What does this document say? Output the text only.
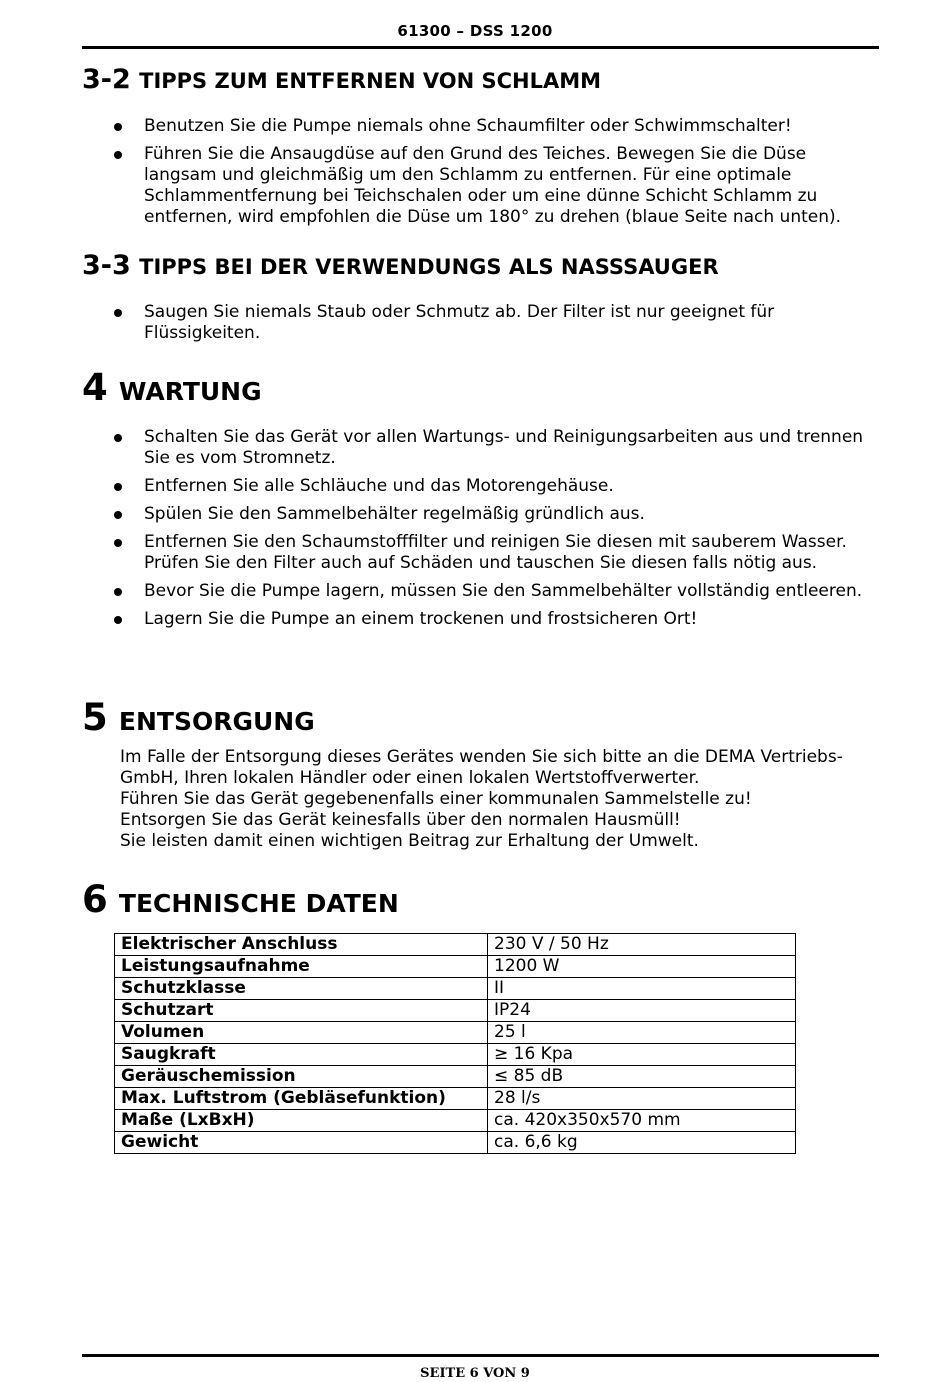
61300 – DSS 1200
3-2 TIPPS ZUM ENTFERNEN VON SCHLAMM
Benutzen Sie die Pumpe niemals ohne Schaumfilter oder Schwimmschalter!
Führen Sie die Ansaugdüse auf den Grund des Teiches. Bewegen Sie die Düse langsam und gleichmäßig um den Schlamm zu entfernen. Für eine optimale Schlammentfernung bei Teichschalen oder um eine dünne Schicht Schlamm zu entfernen, wird empfohlen die Düse um 180° zu drehen (blaue Seite nach unten).
3-3 TIPPS BEI DER VERWENDUNGS ALS NASSSAUGER
Saugen Sie niemals Staub oder Schmutz ab. Der Filter ist nur geeignet für Flüssigkeiten.
4 WARTUNG
Schalten Sie das Gerät vor allen Wartungs- und Reinigungsarbeiten aus und trennen Sie es vom Stromnetz.
Entfernen Sie alle Schläuche und das Motorengehäuse.
Spülen Sie den Sammelbehälter regelmäßig gründlich aus.
Entfernen Sie den Schaumstofffilter und reinigen Sie diesen mit sauberem Wasser. Prüfen Sie den Filter auch auf Schäden und tauschen Sie diesen falls nötig aus.
Bevor Sie die Pumpe lagern, müssen Sie den Sammelbehälter vollständig entleeren.
Lagern Sie die Pumpe an einem trockenen und frostsicheren Ort!
5 ENTSORGUNG

Im Falle der Entsorgung dieses Gerätes wenden Sie sich bitte an die DEMA Vertriebs-GmbH, Ihren lokalen Händler oder einen lokalen Wertstoffverwerter.
Führen Sie das Gerät gegebenenfalls einer kommunalen Sammelstelle zu!
Entsorgen Sie das Gerät keinesfalls über den normalen Hausmüll!
Sie leisten damit einen wichtigen Beitrag zur Erhaltung der Umwelt.

6 TECHNISCHE DATEN
Elektrischer Anschluss	230 V / 50 Hz
Leistungsaufnahme	1200 W
Schutzklasse	II
Schutzart	IP24
Volumen	25 l
Saugkraft	≥ 16 Kpa
Geräuschemission	≤ 85 dB
Max. Luftstrom (Gebläsefunktion)	28 l/s
Maße (LxBxH)	ca. 420x350x570 mm
Gewicht	ca. 6,6 kg
SEITE 6 VON 9
